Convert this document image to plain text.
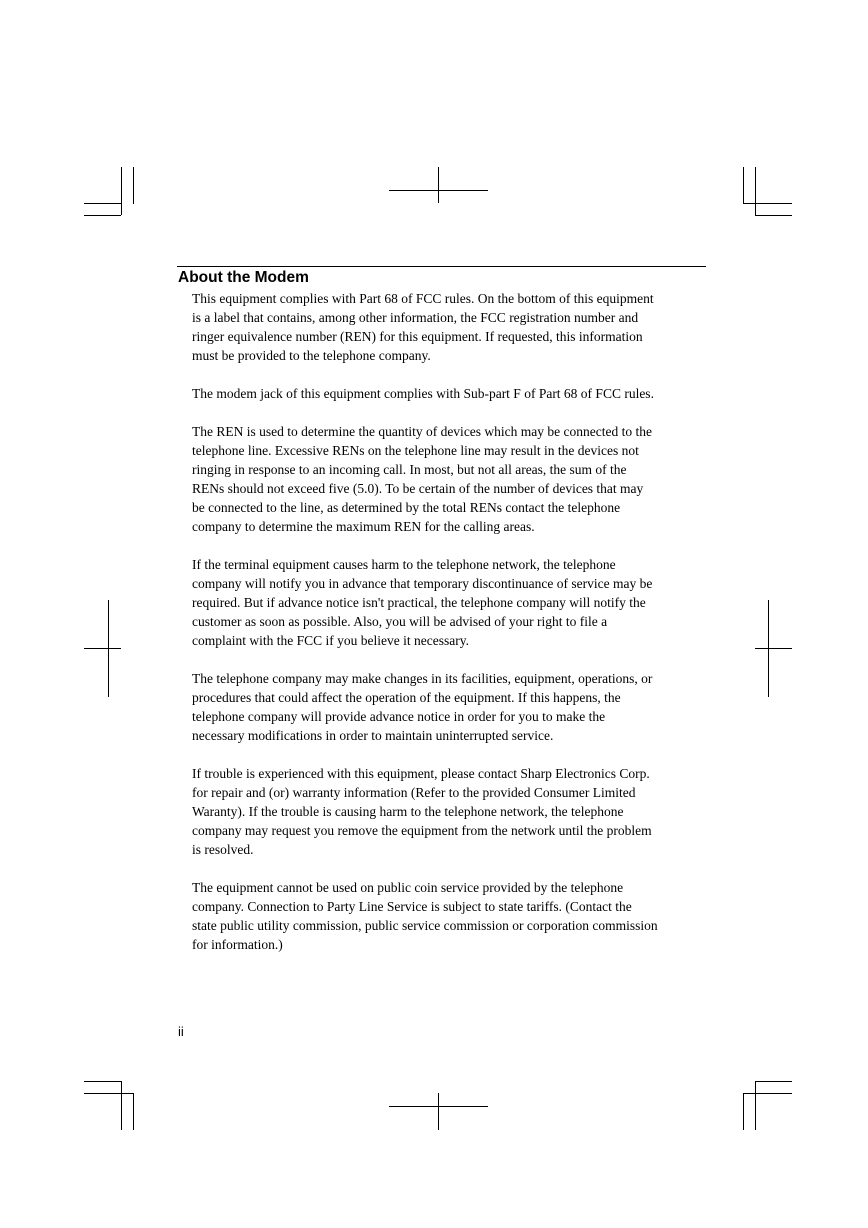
About the Modem

This equipment complies with Part 68 of FCC rules. On the bottom of this equipment
is a label that contains, among other information, the FCC registration number and
ringer equivalence number (REN) for this equipment. If requested, this information
must be provided to the telephone company.

The modem jack of this equipment complies with Sub-part F of Part 68 of FCC rules.

The REN is used to determine the quantity of devices which may be connected to the
telephone line. Excessive RENs on the telephone line may result in the devices not
ringing in response to an incoming call. In most, but not all areas, the sum of the
RENs should not exceed five (5.0). To be certain of the number of devices that may
be connected to the line, as determined by the total RENs contact the telephone
company to determine the maximum REN for the calling areas.

If the terminal equipment causes harm to the telephone network, the telephone
company will notify you in advance that temporary discontinuance of service may be
required. But if advance notice isn't practical, the telephone company will notify the
customer as soon as possible. Also, you will be advised of your right to file a
complaint with the FCC if you believe it necessary.

The telephone company may make changes in its facilities, equipment, operations, or
procedures that could affect the operation of the equipment. If this happens, the
telephone company will provide advance notice in order for you to make the
necessary modifications in order to maintain uninterrupted service.

If trouble is experienced with this equipment, please contact Sharp Electronics Corp.
for repair and (or) warranty information (Refer to the provided Consumer Limited
Waranty). If the trouble is causing harm to the telephone network, the telephone
company may request you remove the equipment from the network until the problem
is resolved.

The equipment cannot be used on public coin service provided by the telephone
company. Connection to Party Line Service is subject to state tariffs. (Contact the
state public utility commission, public service commission or corporation commission
for information.)

ii
